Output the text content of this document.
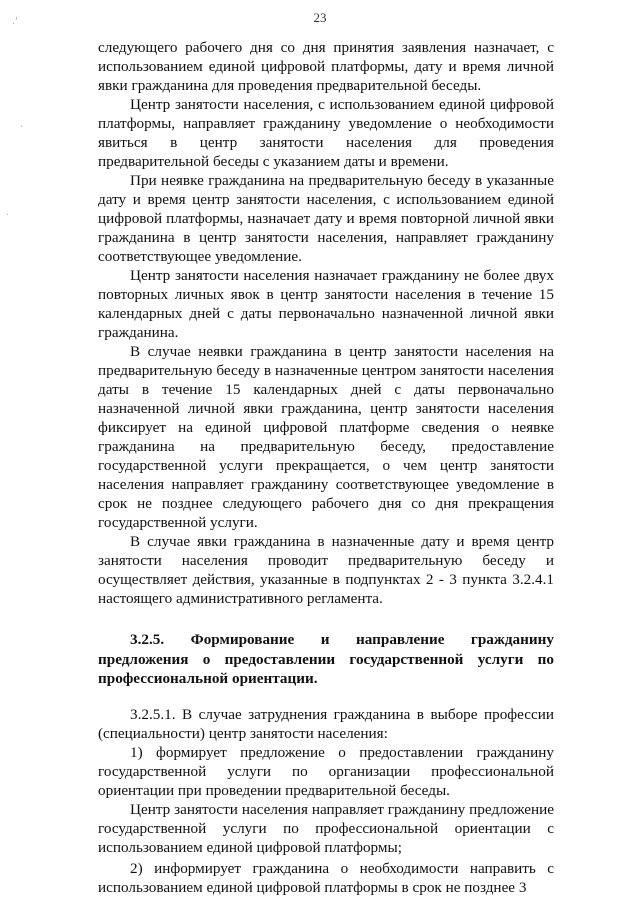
23

следующего рабочего дня со дня принятия заявления назначает, с использованием единой цифровой платформы, дату и время личной явки гражданина для проведения предварительной беседы.

Центр занятости населения, с использованием единой цифровой платформы, направляет гражданину уведомление о необходимости явиться в центр занятости населения для проведения предварительной беседы с указанием даты и времени.

При неявке гражданина на предварительную беседу в указанные дату и время центр занятости населения, с использованием единой цифровой платформы, назначает дату и время повторной личной явки гражданина в центр занятости населения, направляет гражданину соответствующее уведомление.

Центр занятости населения назначает гражданину не более двух повторных личных явок в центр занятости населения в течение 15 календарных дней с даты первоначально назначенной личной явки гражданина.

В случае неявки гражданина в центр занятости населения на предварительную беседу в назначенные центром занятости населения даты в течение 15 календарных дней с даты первоначально назначенной личной явки гражданина, центр занятости населения фиксирует на единой цифровой платформе сведения о неявке гражданина на предварительную беседу, предоставление государственной услуги прекращается, о чем центр занятости населения направляет гражданину соответствующее уведомление в срок не позднее следующего рабочего дня со дня прекращения государственной услуги.

В случае явки гражданина в назначенные дату и время центр занятости населения проводит предварительную беседу и осуществляет действия, указанные в подпунктах 2 - 3 пункта 3.2.4.1 настоящего административного регламента.

3.2.5. Формирование и направление гражданину предложения о предоставлении государственной услуги по профессиональной ориентации.

3.2.5.1. В случае затруднения гражданина в выборе профессии (специальности) центр занятости населения:

1) формирует предложение о предоставлении гражданину государственной услуги по организации профессиональной ориентации при проведении предварительной беседы.

Центр занятости населения направляет гражданину предложение государственной услуги по профессиональной ориентации с использованием единой цифровой платформы;

2) информирует гражданина о необходимости направить с использованием единой цифровой платформы в срок не позднее 3

.'
·
·
